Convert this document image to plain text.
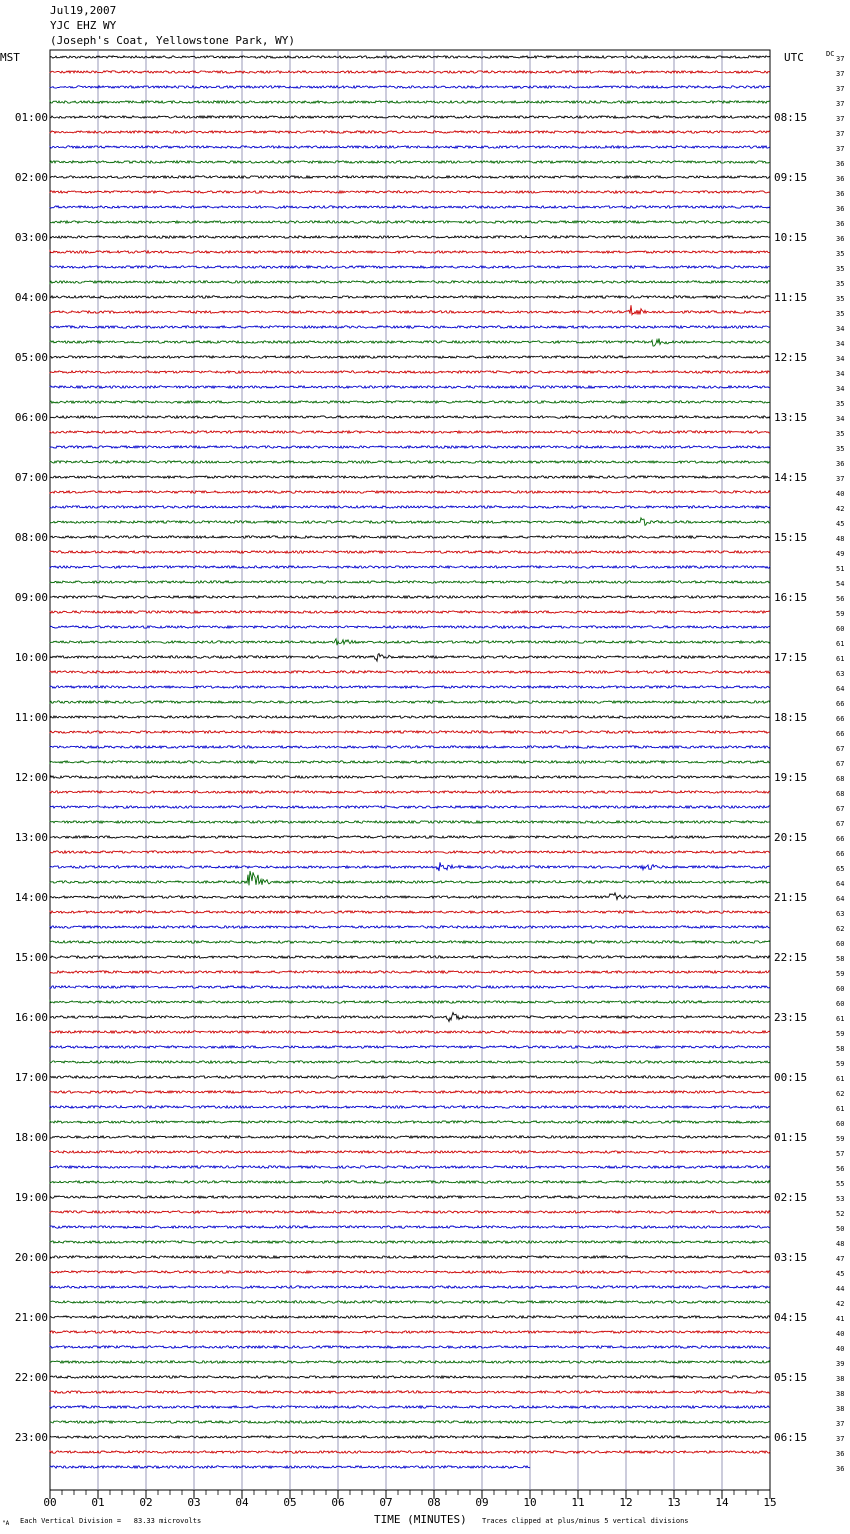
Jul19,2007
YJC EHZ WY
(Joseph's Coat, Yellowstone Park, WY)
00	01	02	03	04	05	06	07	08	09	10	11	12	13	14	15
37
37
37
37
37
37
37
36
36
36
36
36
36
35
35
35
35
35
34
34
34
34
34
35
34
35
35
36
37
40
42
45
48
49
51
54
56
59
60
61
61
63
64
66
66
66
67
67
68
68
67
67
66
66
65
64
64
63
62
60
58
59
60
60
61
59
58
59
61
62
61
60
59
57
56
55
53
52
50
48
47
45
44
42
41
40
40
39
38
38
38
37
37
36
36
01:00	08:15
02:00	09:15
03:00	10:15
04:00	11:15
05:00	12:15
06:00	13:15
07:00	14:15
08:00	15:15
09:00	16:15
10:00	17:15
11:00	18:15
12:00	19:15
13:00	20:15
14:00	21:15
15:00	22:15
16:00	23:15
17:00	00:15
18:00	01:15
19:00	02:15
20:00	03:15
21:00	04:15
22:00	05:15
23:00	06:15
MST	UTC	DC
TIME (MINUTES)
"A Each Vertical Division =   83.33 microvolts	Traces clipped at plus/minus 5 vertical divisions
